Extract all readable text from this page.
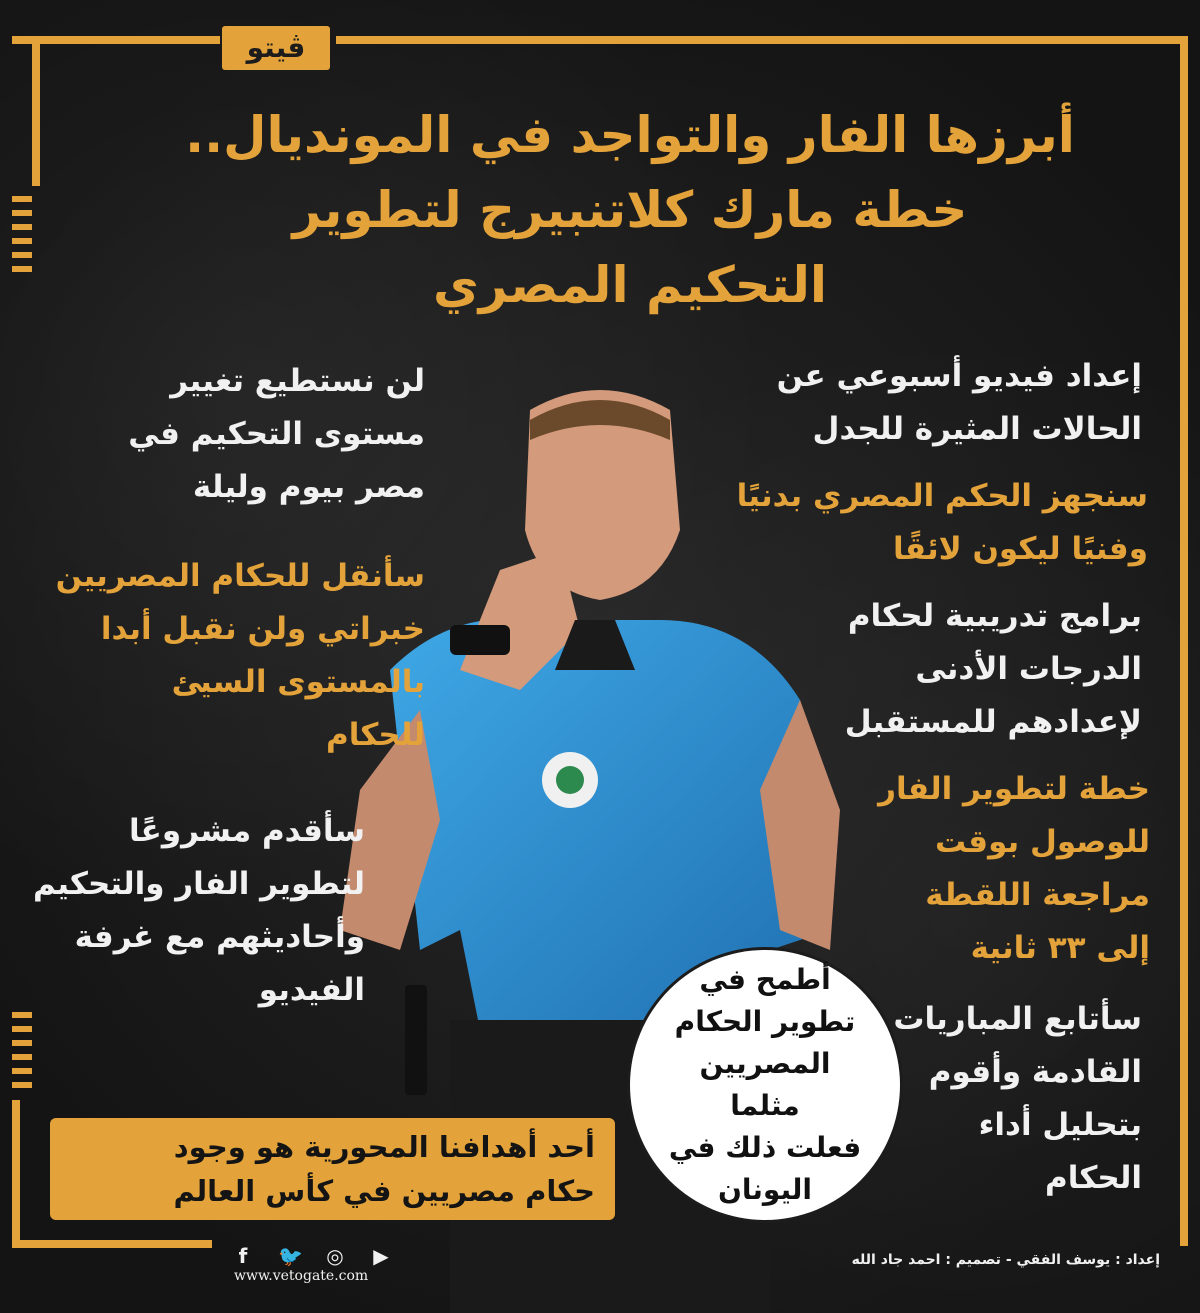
ڤيتو
أبرزها الفار والتواجد في المونديال..
خطة مارك كلاتنبيرج لتطوير
التحكيم المصري
لن نستطيع تغيير
مستوى التحكيم في
مصر بيوم وليلة
سأنقل للحكام المصريين
خبراتي ولن نقبل أبدا
بالمستوى السيئ
للحكام
سأقدم مشروعًا
لتطوير الفار والتحكيم
وأحاديثهم مع غرفة
الفيديو
إعداد فيديو أسبوعي عن
الحالات المثيرة للجدل
سنجهز الحكم المصري بدنيًا
وفنيًا ليكون لائقًا
برامج تدريبية لحكام
الدرجات الأدنى
لإعدادهم للمستقبل
خطة لتطوير الفار
للوصول بوقت
مراجعة اللقطة
إلى ٣٣ ثانية
سأتابع المباريات
القادمة وأقوم
بتحليل أداء
الحكام
أطمح في
تطوير الحكام
المصريين مثلما
فعلت ذلك في
اليونان
أحد أهدافنا المحورية هو وجود
حكام مصريين في كأس العالم
f	🐦 ◎ ▶
www.vetogate.com
إعداد : يوسف الفقي - تصميم : احمد جاد الله
